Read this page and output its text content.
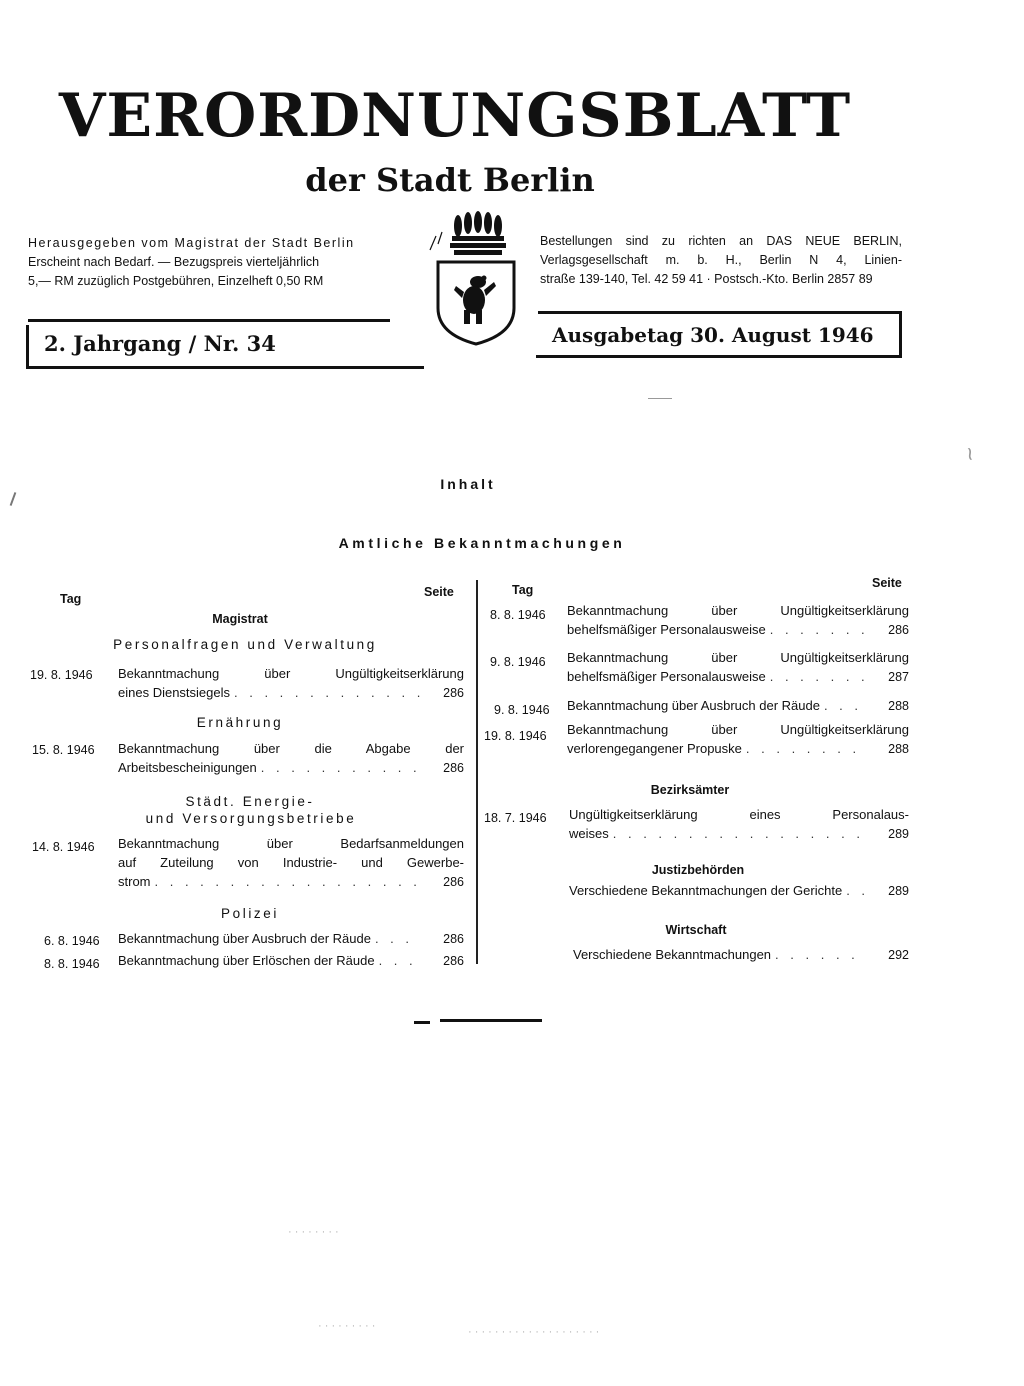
VERORDNUNGSBLATT
der Stadt Berlin
Herausgegeben vom Magistrat der Stadt Berlin
Erscheint nach Bedarf. — Bezugspreis vierteljährlich
5,— RM zuzüglich Postgebühren, Einzelheft 0,50 RM
Bestellungen sind zu richten an DAS NEUE BERLIN,
Verlagsgesellschaft m. b. H., Berlin N 4, Linien-
straße 139-140, Tel. 42 59 41 · Postsch.-Kto. Berlin 2857 89
2. Jahrgang / Nr. 34	Ausgabetag 30. August 1946
Inhalt
Amtliche Bekanntmachungen
Tag	Seite
Magistrat
Personalfragen und Verwaltung
19. 8. 1946 Bekanntmachung über Ungültigkeitserklärung
eines Dienstsiegels . . .	286
Ernährung
15. 8. 1946 Bekanntmachung über die Abgabe der
Arbeitsbescheinigungen . . .	286
Städt. Energie-
und Versorgungsbetriebe
14. 8. 1946 Bekanntmachung über Bedarfsanmeldungen
auf Zuteilung von Industrie- und Gewerbe-
strom . . .	286
Polizei
6. 8. 1946 Bekanntmachung über Ausbruch der Räude . . .	286
8. 8. 1946 Bekanntmachung über Erlöschen der Räude . . .	286
Tag	Seite
8. 8. 1946 Bekanntmachung über Ungültigkeitserklärung
behelfsmäßiger Personalausweise . . .	286
9. 8. 1946 Bekanntmachung über Ungültigkeitserklärung
behelfsmäßiger Personalausweise . . .	287
9. 8. 1946 Bekanntmachung über Ausbruch der Räude . . .	288
19. 8. 1946 Bekanntmachung über Ungültigkeitserklärung
verlorengegangener Propuske . . .	288
Bezirksämter
18. 7. 1946 Ungültigkeitserklärung eines Personalaus-
weises . . .	289
Justizbehörden
Verschiedene Bekanntmachungen der Gerichte . . .	289
Wirtschaft
Verschiedene Bekanntmachungen . . .	292
~
· · · · · · · ·
· · · · · · · · ·	· · · · · · · · · · · · · · · · · · · ·
